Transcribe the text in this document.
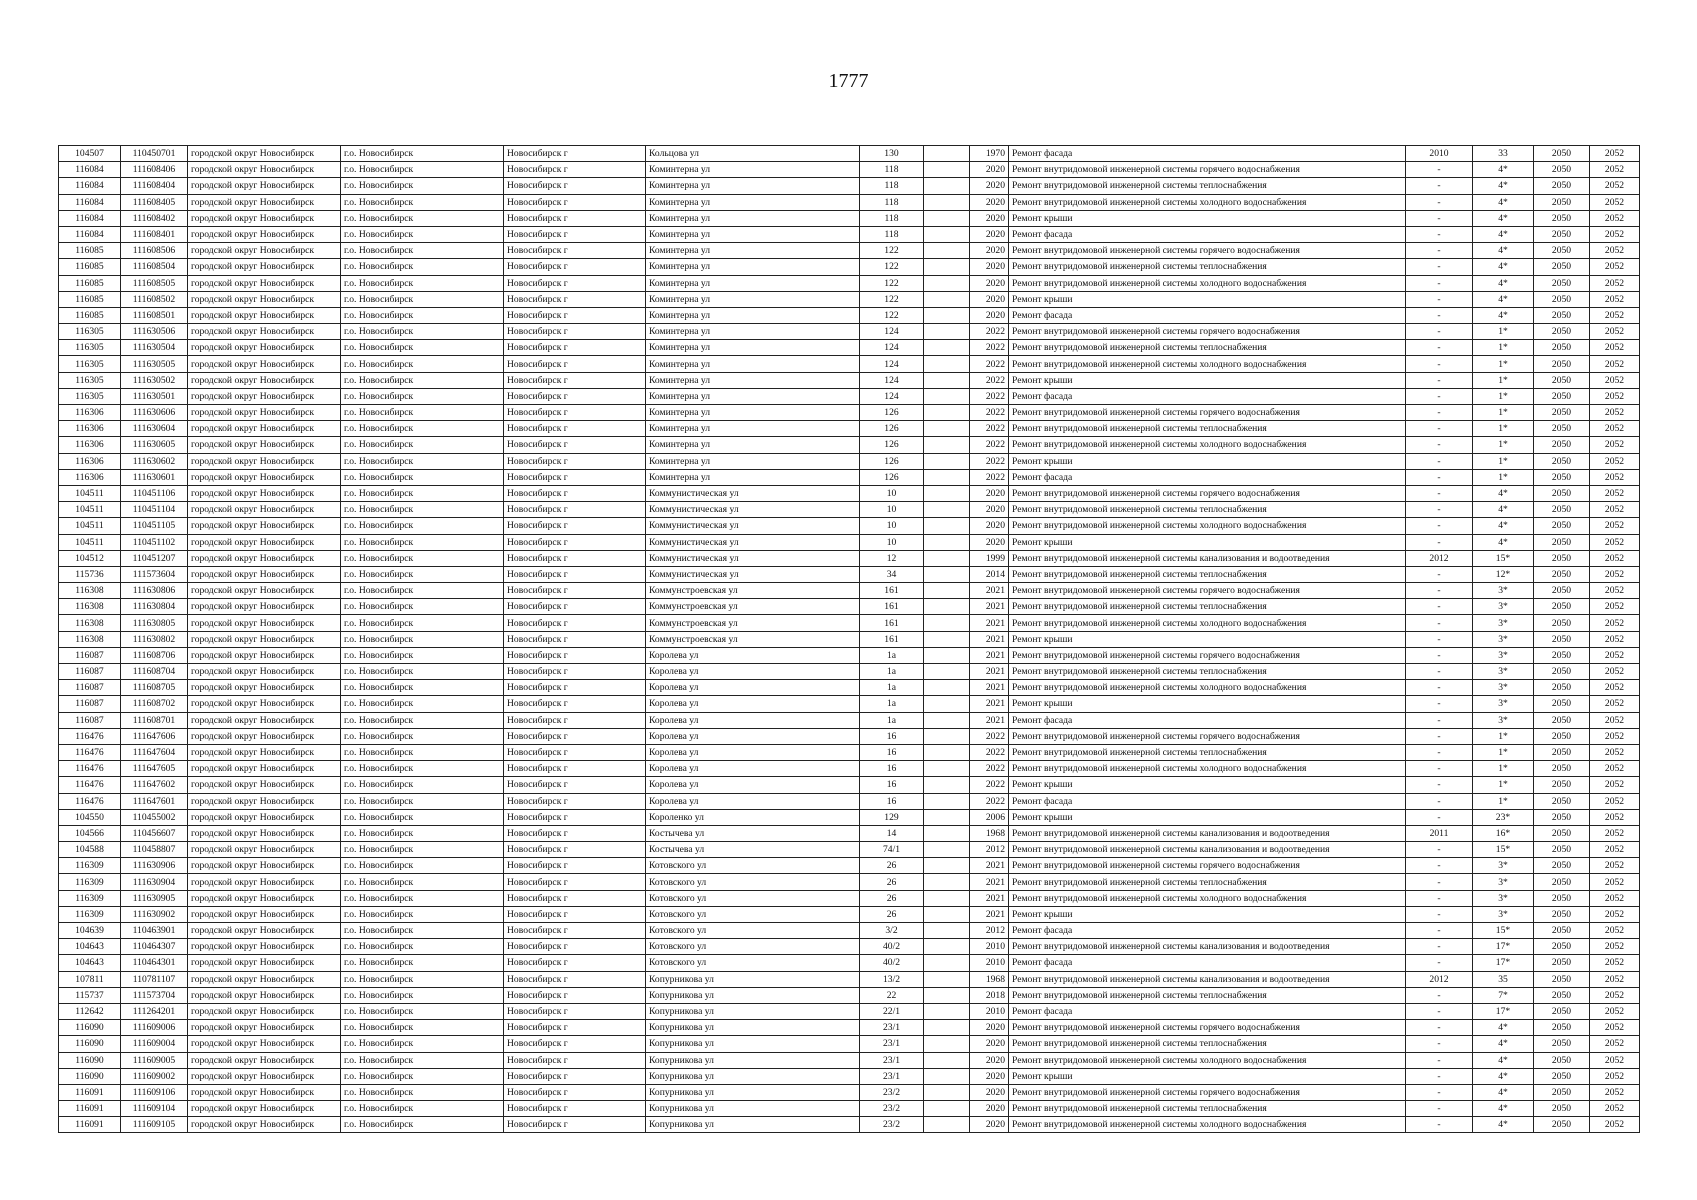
1777
104507	110450701	городской округ Новосибирск	г.о. Новосибирск	Новосибирск г	Кольцова ул	130		1970	Ремонт фасада	2010	33	2050	2052
116084	111608406	городской округ Новосибирск	г.о. Новосибирск	Новосибирск г	Коминтерна ул	118		2020	Ремонт внутридомовой инженерной системы горячего водоснабжения	-	4*	2050	2052
116084	111608404	городской округ Новосибирск	г.о. Новосибирск	Новосибирск г	Коминтерна ул	118		2020	Ремонт внутридомовой инженерной системы теплоснабжения	-	4*	2050	2052
116084	111608405	городской округ Новосибирск	г.о. Новосибирск	Новосибирск г	Коминтерна ул	118		2020	Ремонт внутридомовой инженерной системы холодного водоснабжения	-	4*	2050	2052
116084	111608402	городской округ Новосибирск	г.о. Новосибирск	Новосибирск г	Коминтерна ул	118		2020	Ремонт крыши	-	4*	2050	2052
116084	111608401	городской округ Новосибирск	г.о. Новосибирск	Новосибирск г	Коминтерна ул	118		2020	Ремонт фасада	-	4*	2050	2052
116085	111608506	городской округ Новосибирск	г.о. Новосибирск	Новосибирск г	Коминтерна ул	122		2020	Ремонт внутридомовой инженерной системы горячего водоснабжения	-	4*	2050	2052
116085	111608504	городской округ Новосибирск	г.о. Новосибирск	Новосибирск г	Коминтерна ул	122		2020	Ремонт внутридомовой инженерной системы теплоснабжения	-	4*	2050	2052
116085	111608505	городской округ Новосибирск	г.о. Новосибирск	Новосибирск г	Коминтерна ул	122		2020	Ремонт внутридомовой инженерной системы холодного водоснабжения	-	4*	2050	2052
116085	111608502	городской округ Новосибирск	г.о. Новосибирск	Новосибирск г	Коминтерна ул	122		2020	Ремонт крыши	-	4*	2050	2052
116085	111608501	городской округ Новосибирск	г.о. Новосибирск	Новосибирск г	Коминтерна ул	122		2020	Ремонт фасада	-	4*	2050	2052
116305	111630506	городской округ Новосибирск	г.о. Новосибирск	Новосибирск г	Коминтерна ул	124		2022	Ремонт внутридомовой инженерной системы горячего водоснабжения	-	1*	2050	2052
116305	111630504	городской округ Новосибирск	г.о. Новосибирск	Новосибирск г	Коминтерна ул	124		2022	Ремонт внутридомовой инженерной системы теплоснабжения	-	1*	2050	2052
116305	111630505	городской округ Новосибирск	г.о. Новосибирск	Новосибирск г	Коминтерна ул	124		2022	Ремонт внутридомовой инженерной системы холодного водоснабжения	-	1*	2050	2052
116305	111630502	городской округ Новосибирск	г.о. Новосибирск	Новосибирск г	Коминтерна ул	124		2022	Ремонт крыши	-	1*	2050	2052
116305	111630501	городской округ Новосибирск	г.о. Новосибирск	Новосибирск г	Коминтерна ул	124		2022	Ремонт фасада	-	1*	2050	2052
116306	111630606	городской округ Новосибирск	г.о. Новосибирск	Новосибирск г	Коминтерна ул	126		2022	Ремонт внутридомовой инженерной системы горячего водоснабжения	-	1*	2050	2052
116306	111630604	городской округ Новосибирск	г.о. Новосибирск	Новосибирск г	Коминтерна ул	126		2022	Ремонт внутридомовой инженерной системы теплоснабжения	-	1*	2050	2052
116306	111630605	городской округ Новосибирск	г.о. Новосибирск	Новосибирск г	Коминтерна ул	126		2022	Ремонт внутридомовой инженерной системы холодного водоснабжения	-	1*	2050	2052
116306	111630602	городской округ Новосибирск	г.о. Новосибирск	Новосибирск г	Коминтерна ул	126		2022	Ремонт крыши	-	1*	2050	2052
116306	111630601	городской округ Новосибирск	г.о. Новосибирск	Новосибирск г	Коминтерна ул	126		2022	Ремонт фасада	-	1*	2050	2052
104511	110451106	городской округ Новосибирск	г.о. Новосибирск	Новосибирск г	Коммунистическая ул	10		2020	Ремонт внутридомовой инженерной системы горячего водоснабжения	-	4*	2050	2052
104511	110451104	городской округ Новосибирск	г.о. Новосибирск	Новосибирск г	Коммунистическая ул	10		2020	Ремонт внутридомовой инженерной системы теплоснабжения	-	4*	2050	2052
104511	110451105	городской округ Новосибирск	г.о. Новосибирск	Новосибирск г	Коммунистическая ул	10		2020	Ремонт внутридомовой инженерной системы холодного водоснабжения	-	4*	2050	2052
104511	110451102	городской округ Новосибирск	г.о. Новосибирск	Новосибирск г	Коммунистическая ул	10		2020	Ремонт крыши	-	4*	2050	2052
104512	110451207	городской округ Новосибирск	г.о. Новосибирск	Новосибирск г	Коммунистическая ул	12		1999	Ремонт внутридомовой инженерной системы канализования и водоотведения	2012	15*	2050	2052
115736	111573604	городской округ Новосибирск	г.о. Новосибирск	Новосибирск г	Коммунистическая ул	34		2014	Ремонт внутридомовой инженерной системы теплоснабжения	-	12*	2050	2052
116308	111630806	городской округ Новосибирск	г.о. Новосибирск	Новосибирск г	Коммунстроевская ул	161		2021	Ремонт внутридомовой инженерной системы горячего водоснабжения	-	3*	2050	2052
116308	111630804	городской округ Новосибирск	г.о. Новосибирск	Новосибирск г	Коммунстроевская ул	161		2021	Ремонт внутридомовой инженерной системы теплоснабжения	-	3*	2050	2052
116308	111630805	городской округ Новосибирск	г.о. Новосибирск	Новосибирск г	Коммунстроевская ул	161		2021	Ремонт внутридомовой инженерной системы холодного водоснабжения	-	3*	2050	2052
116308	111630802	городской округ Новосибирск	г.о. Новосибирск	Новосибирск г	Коммунстроевская ул	161		2021	Ремонт крыши	-	3*	2050	2052
116087	111608706	городской округ Новосибирск	г.о. Новосибирск	Новосибирск г	Королева ул	1а		2021	Ремонт внутридомовой инженерной системы горячего водоснабжения	-	3*	2050	2052
116087	111608704	городской округ Новосибирск	г.о. Новосибирск	Новосибирск г	Королева ул	1а		2021	Ремонт внутридомовой инженерной системы теплоснабжения	-	3*	2050	2052
116087	111608705	городской округ Новосибирск	г.о. Новосибирск	Новосибирск г	Королева ул	1а		2021	Ремонт внутридомовой инженерной системы холодного водоснабжения	-	3*	2050	2052
116087	111608702	городской округ Новосибирск	г.о. Новосибирск	Новосибирск г	Королева ул	1а		2021	Ремонт крыши	-	3*	2050	2052
116087	111608701	городской округ Новосибирск	г.о. Новосибирск	Новосибирск г	Королева ул	1а		2021	Ремонт фасада	-	3*	2050	2052
116476	111647606	городской округ Новосибирск	г.о. Новосибирск	Новосибирск г	Королева ул	16		2022	Ремонт внутридомовой инженерной системы горячего водоснабжения	-	1*	2050	2052
116476	111647604	городской округ Новосибирск	г.о. Новосибирск	Новосибирск г	Королева ул	16		2022	Ремонт внутридомовой инженерной системы теплоснабжения	-	1*	2050	2052
116476	111647605	городской округ Новосибирск	г.о. Новосибирск	Новосибирск г	Королева ул	16		2022	Ремонт внутридомовой инженерной системы холодного водоснабжения	-	1*	2050	2052
116476	111647602	городской округ Новосибирск	г.о. Новосибирск	Новосибирск г	Королева ул	16		2022	Ремонт крыши	-	1*	2050	2052
116476	111647601	городской округ Новосибирск	г.о. Новосибирск	Новосибирск г	Королева ул	16		2022	Ремонт фасада	-	1*	2050	2052
104550	110455002	городской округ Новосибирск	г.о. Новосибирск	Новосибирск г	Короленко ул	129		2006	Ремонт крыши	-	23*	2050	2052
104566	110456607	городской округ Новосибирск	г.о. Новосибирск	Новосибирск г	Костычева ул	14		1968	Ремонт внутридомовой инженерной системы канализования и водоотведения	2011	16*	2050	2052
104588	110458807	городской округ Новосибирск	г.о. Новосибирск	Новосибирск г	Костычева ул	74/1		2012	Ремонт внутридомовой инженерной системы канализования и водоотведения	-	15*	2050	2052
116309	111630906	городской округ Новосибирск	г.о. Новосибирск	Новосибирск г	Котовского ул	26		2021	Ремонт внутридомовой инженерной системы горячего водоснабжения	-	3*	2050	2052
116309	111630904	городской округ Новосибирск	г.о. Новосибирск	Новосибирск г	Котовского ул	26		2021	Ремонт внутридомовой инженерной системы теплоснабжения	-	3*	2050	2052
116309	111630905	городской округ Новосибирск	г.о. Новосибирск	Новосибирск г	Котовского ул	26		2021	Ремонт внутридомовой инженерной системы холодного водоснабжения	-	3*	2050	2052
116309	111630902	городской округ Новосибирск	г.о. Новосибирск	Новосибирск г	Котовского ул	26		2021	Ремонт крыши	-	3*	2050	2052
104639	110463901	городской округ Новосибирск	г.о. Новосибирск	Новосибирск г	Котовского ул	3/2		2012	Ремонт фасада	-	15*	2050	2052
104643	110464307	городской округ Новосибирск	г.о. Новосибирск	Новосибирск г	Котовского ул	40/2		2010	Ремонт внутридомовой инженерной системы канализования и водоотведения	-	17*	2050	2052
104643	110464301	городской округ Новосибирск	г.о. Новосибирск	Новосибирск г	Котовского ул	40/2		2010	Ремонт фасада	-	17*	2050	2052
107811	110781107	городской округ Новосибирск	г.о. Новосибирск	Новосибирск г	Копурникова ул	13/2		1968	Ремонт внутридомовой инженерной системы канализования и водоотведения	2012	35	2050	2052
115737	111573704	городской округ Новосибирск	г.о. Новосибирск	Новосибирск г	Копурникова ул	22		2018	Ремонт внутридомовой инженерной системы теплоснабжения	-	7*	2050	2052
112642	111264201	городской округ Новосибирск	г.о. Новосибирск	Новосибирск г	Копурникова ул	22/1		2010	Ремонт фасада	-	17*	2050	2052
116090	111609006	городской округ Новосибирск	г.о. Новосибирск	Новосибирск г	Копурникова ул	23/1		2020	Ремонт внутридомовой инженерной системы горячего водоснабжения	-	4*	2050	2052
116090	111609004	городской округ Новосибирск	г.о. Новосибирск	Новосибирск г	Копурникова ул	23/1		2020	Ремонт внутридомовой инженерной системы теплоснабжения	-	4*	2050	2052
116090	111609005	городской округ Новосибирск	г.о. Новосибирск	Новосибирск г	Копурникова ул	23/1		2020	Ремонт внутридомовой инженерной системы холодного водоснабжения	-	4*	2050	2052
116090	111609002	городской округ Новосибирск	г.о. Новосибирск	Новосибирск г	Копурникова ул	23/1		2020	Ремонт крыши	-	4*	2050	2052
116091	111609106	городской округ Новосибирск	г.о. Новосибирск	Новосибирск г	Копурникова ул	23/2		2020	Ремонт внутридомовой инженерной системы горячего водоснабжения	-	4*	2050	2052
116091	111609104	городской округ Новосибирск	г.о. Новосибирск	Новосибирск г	Копурникова ул	23/2		2020	Ремонт внутридомовой инженерной системы теплоснабжения	-	4*	2050	2052
116091	111609105	городской округ Новосибирск	г.о. Новосибирск	Новосибирск г	Копурникова ул	23/2		2020	Ремонт внутридомовой инженерной системы холодного водоснабжения	-	4*	2050	2052
